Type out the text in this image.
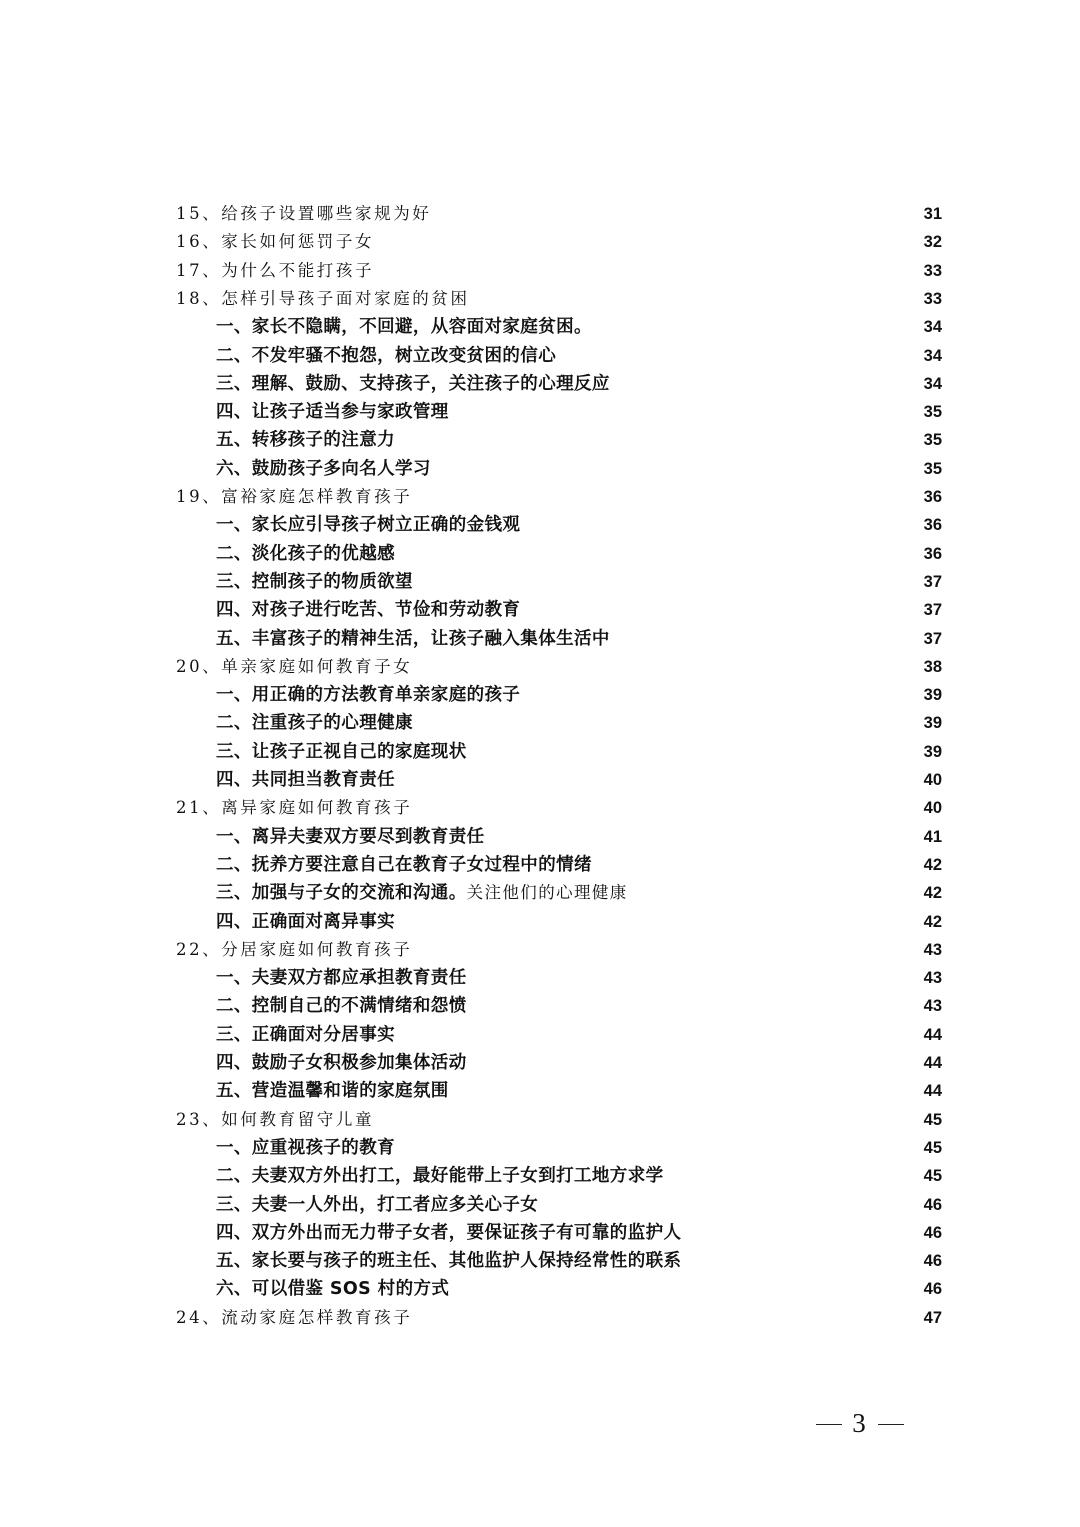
15、给孩子设置哪些家规为好	31
16、家长如何惩罚子女	32
17、为什么不能打孩子	33
18、怎样引导孩子面对家庭的贫困	33
一、家长不隐瞒，不回避，从容面对家庭贫困。	34
二、不发牢骚不抱怨，树立改变贫困的信心	34
三、理解、鼓励、支持孩子，关注孩子的心理反应	34
四、让孩子适当参与家政管理	35
五、转移孩子的注意力	35
六、鼓励孩子多向名人学习	35
19、富裕家庭怎样教育孩子	36
一、家长应引导孩子树立正确的金钱观	36
二、淡化孩子的优越感	36
三、控制孩子的物质欲望	37
四、对孩子进行吃苦、节俭和劳动教育	37
五、丰富孩子的精神生活，让孩子融入集体生活中	37
20、单亲家庭如何教育子女	38
一、用正确的方法教育单亲家庭的孩子	39
二、注重孩子的心理健康	39
三、让孩子正视自己的家庭现状	39
四、共同担当教育责任	40
21、离异家庭如何教育孩子	40
一、离异夫妻双方要尽到教育责任	41
二、抚养方要注意自己在教育子女过程中的情绪	42
三、加强与子女的交流和沟通。关注他们的心理健康	42
四、正确面对离异事实	42
22、分居家庭如何教育孩子	43
一、夫妻双方都应承担教育责任	43
二、控制自己的不满情绪和怨愤	43
三、正确面对分居事实	44
四、鼓励子女积极参加集体活动	44
五、营造温馨和谐的家庭氛围	44
23、如何教育留守儿童	45
一、应重视孩子的教育	45
二、夫妻双方外出打工，最好能带上子女到打工地方求学	45
三、夫妻一人外出，打工者应多关心子女	46
四、双方外出而无力带子女者，要保证孩子有可靠的监护人	46
五、家长要与孩子的班主任、其他监护人保持经常性的联系	46
六、可以借鉴 SOS 村的方式	46
24、流动家庭怎样教育孩子	47
3
